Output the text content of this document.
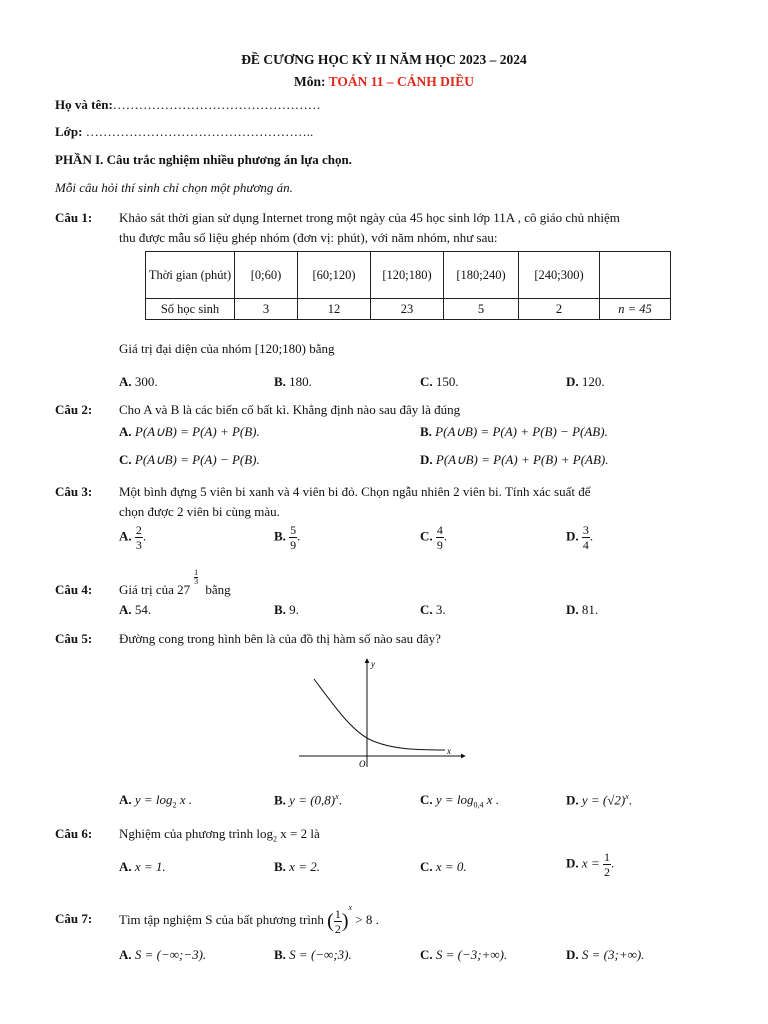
ĐỀ CƯƠNG HỌC KỲ II NĂM HỌC 2023 – 2024
Môn: TOÁN 11 – CÁNH DIỀU
Họ và tên:…………………………………………
Lớp: ……………………………………………..
PHẦN I. Câu trắc nghiệm nhiều phương án lựa chọn.
Mỗi câu hỏi thí sinh chỉ chọn một phương án.
Câu 1: Khảo sát thời gian sử dụng Internet trong một ngày của 45 học sinh lớp 11A , cô giáo chủ nhiệm
thu được mẫu số liệu ghép nhóm (đơn vị: phút), với năm nhóm, như sau:
Thời gian (phút)	[0;60)	[60;120)	[120;180)	[180;240)	[240;300)	
Số học sinh	3	12	23	5	2	n = 45
Giá trị đại diện của nhóm [120;180) bằng
A. 300.	B. 180.	C. 150.	D. 120.
Câu 2: Cho A và B là các biến cố bất kì. Khẳng định nào sau đây là đúng
A. P(A∪B) = P(A) + P(B).	B. P(A∪B) = P(A) + P(B) − P(AB).
C. P(A∪B) = P(A) − P(B).	D. P(A∪B) = P(A) + P(B) + P(AB).
Câu 3: Một bình đựng 5 viên bi xanh và 4 viên bi đỏ. Chọn ngẫu nhiên 2 viên bi. Tính xác suất để
chọn được 2 viên bi cùng màu.
A. $\frac{2}{3}$ .	B. $\frac{5}{9}$ .	C. $\frac{4}{9}$ .	D. $\frac{3}{4}$ .
Câu 4: Giá trị của 27
1
3
bằng
A. 54.	B. 9.	C. 3.	D. 81.
Câu 5: Đường cong trong hình bên là của đồ thị hàm số nào sau đây?
y
x
O
A. $y = \log_2 x$ .	B. $y = (0,8)^x$.	C. $y = \log_{0,4} x$ .	D. $y = (√2)^x$.
Câu 6: Nghiệm của phương trình $\log_2 x = 2$ là
A. x = 1.	B. x = 2.	C. x = 0.	D. $x = \frac{1}{2}$ .
Câu 7: Tìm tập nghiệm S của bất phương trình ( $\frac{1}{2} )^x > 8$ .
A. S = (−∞;−3).	B. S = (−∞;3).	C. S = (−3;+∞).	D. S = (3;+∞).
